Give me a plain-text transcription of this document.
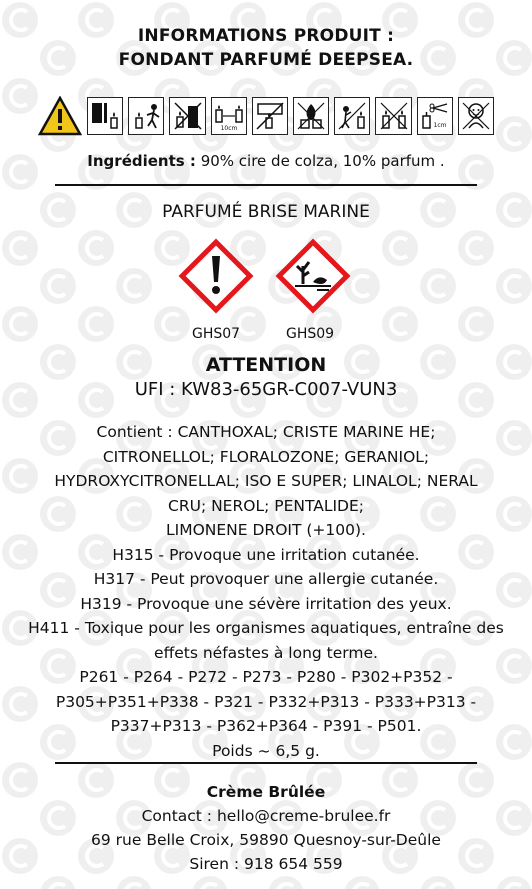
INFORMATIONS PRODUIT :
FONDANT PARFUMÉ DEEPSEA.
10cm	1cm
Ingrédients : 90% cire de colza, 10% parfum .
PARFUMÉ BRISE MARINE
GHS07	GHS09
ATTENTION
UFI : KW83-65GR-C007-VUN3
Contient : CANTHOXAL; CRISTE MARINE HE;
CITRONELLOL; FLORALOZONE; GERANIOL;
HYDROXYCITRONELLAL; ISO E SUPER; LINALOL; NERAL
CRU; NEROL; PENTALIDE;
LIMONENE DROIT (+100).
H315 - Provoque une irritation cutanée.
H317 - Peut provoquer une allergie cutanée.
H319 - Provoque une sévère irritation des yeux.
H411 - Toxique pour les organismes aquatiques, entraîne des
effets néfastes à long terme.
P261 - P264 - P272 - P273 - P280 - P302+P352 -
P305+P351+P338 - P321 - P332+P313 - P333+P313 -
P337+P313 - P362+P364 - P391 - P501.
Poids ~ 6,5 g.
Crème Brûlée
Contact : hello@creme-brulee.fr
69 rue Belle Croix, 59890 Quesnoy-sur-Deûle
Siren : 918 654 559
